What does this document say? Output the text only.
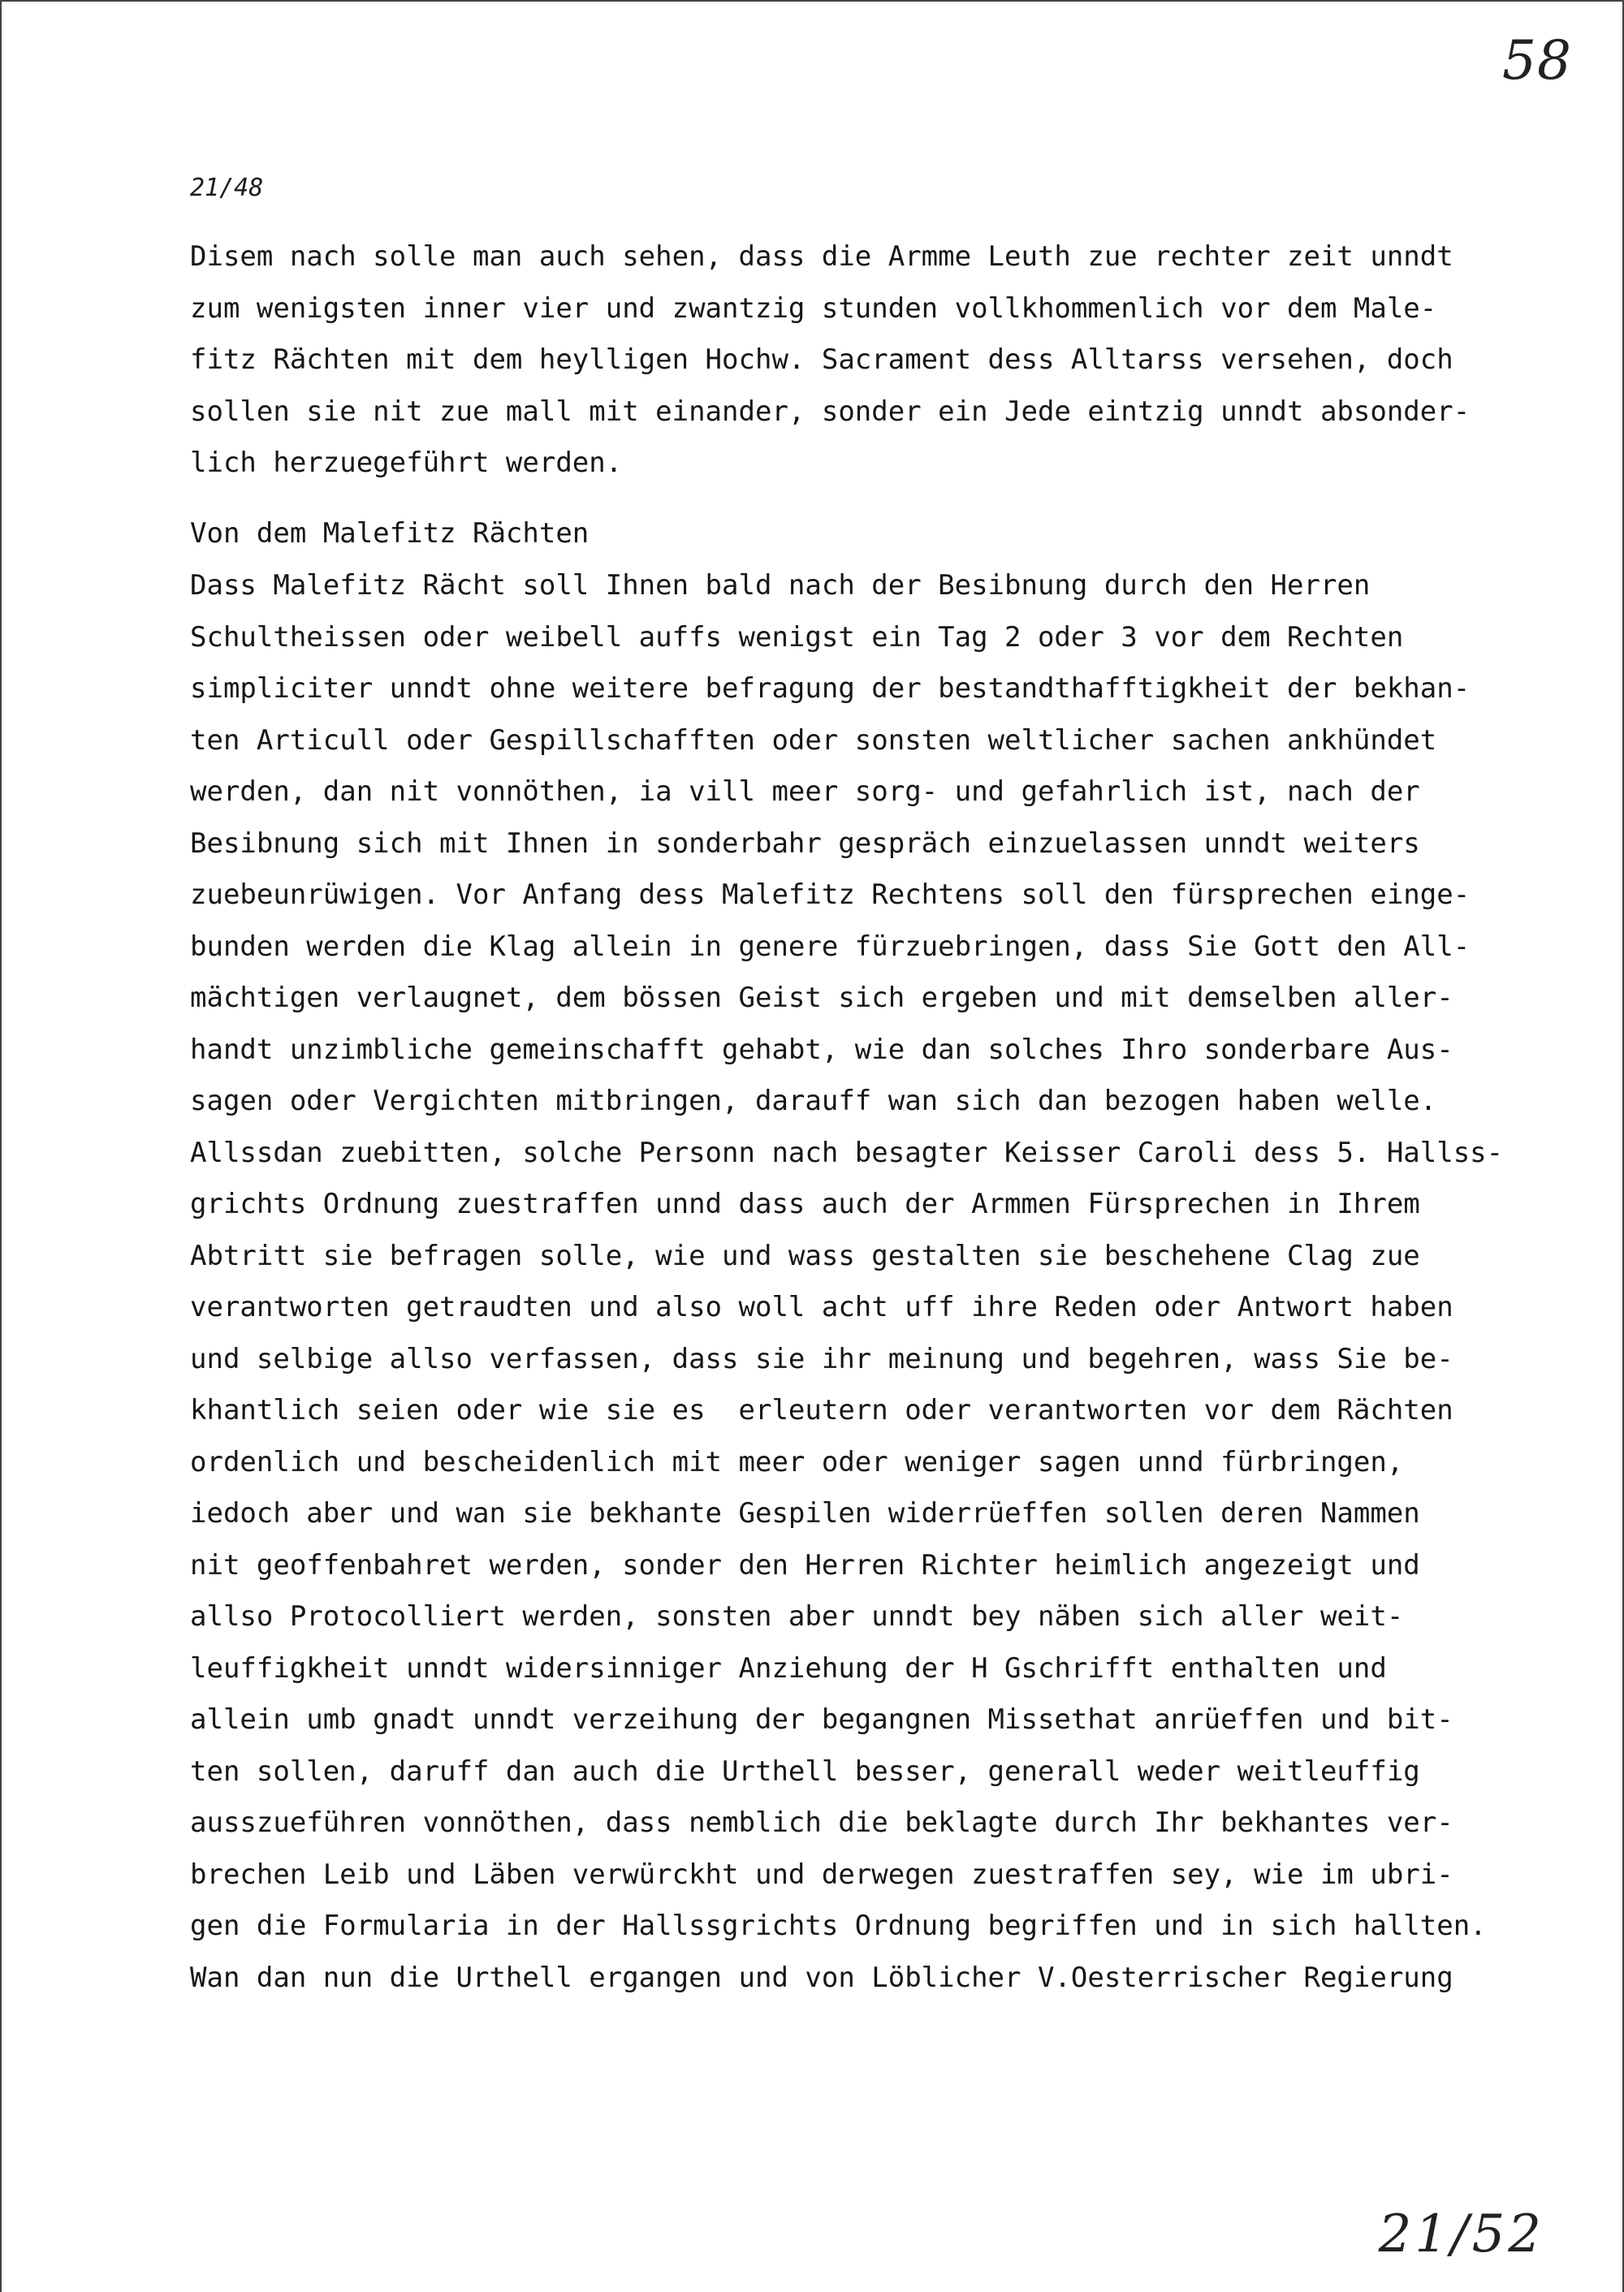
58
21/48
Disem nach solle man auch sehen, dass die Armme Leuth zue rechter zeit unndt
zum wenigsten inner vier und zwantzig stunden vollkhommenlich vor dem Male-
fitz Rächten mit dem heylligen Hochw. Sacrament dess Alltarss versehen, doch
sollen sie nit zue mall mit einander, sonder ein Jede eintzig unndt absonder-
lich herzuegeführt werden.
Von dem Malefitz Rächten
Dass Malefitz Rächt soll Ihnen bald nach der Besibnung durch den Herren
Schultheissen oder weibell auffs wenigst ein Tag 2 oder 3 vor dem Rechten
simpliciter unndt ohne weitere befragung der bestandthafftigkheit der bekhan-
ten Articull oder Gespillschafften oder sonsten weltlicher sachen ankhündet
werden, dan nit vonnöthen, ia vill meer sorg- und gefahrlich ist, nach der
Besibnung sich mit Ihnen in sonderbahr gespräch einzuelassen unndt weiters
zuebeunrüwigen. Vor Anfang dess Malefitz Rechtens soll den fürsprechen einge-
bunden werden die Klag allein in genere fürzuebringen, dass Sie Gott den All-
mächtigen verlaugnet, dem bössen Geist sich ergeben und mit demselben aller-
handt unzimbliche gemeinschafft gehabt, wie dan solches Ihro sonderbare Aus-
sagen oder Vergichten mitbringen, darauff wan sich dan bezogen haben welle.
Allssdan zuebitten, solche Personn nach besagter Keisser Caroli dess 5. Hallss-
grichts Ordnung zuestraffen unnd dass auch der Armmen Fürsprechen in Ihrem
Abtritt sie befragen solle, wie und wass gestalten sie beschehene Clag zue
verantworten getraudten und also woll acht uff ihre Reden oder Antwort haben
und selbige allso verfassen, dass sie ihr meinung und begehren, wass Sie be-
khantlich seien oder wie sie es  erleutern oder verantworten vor dem Rächten
ordenlich und bescheidenlich mit meer oder weniger sagen unnd fürbringen,
iedoch aber und wan sie bekhante Gespilen widerrüeffen sollen deren Nammen
nit geoffenbahret werden, sonder den Herren Richter heimlich angezeigt und
allso Protocolliert werden, sonsten aber unndt bey näben sich aller weit-
leuffigkheit unndt widersinniger Anziehung der H Gschrifft enthalten und
allein umb gnadt unndt verzeihung der begangnen Missethat anrüeffen und bit-
ten sollen, daruff dan auch die Urthell besser, generall weder weitleuffig
ausszueführen vonnöthen, dass nemblich die beklagte durch Ihr bekhantes ver-
brechen Leib und Läben verwürckht und derwegen zuestraffen sey, wie im ubri-
gen die Formularia in der Hallssgrichts Ordnung begriffen und in sich hallten.
Wan dan nun die Urthell ergangen und von Löblicher V.Oesterrischer Regierung
21/52
